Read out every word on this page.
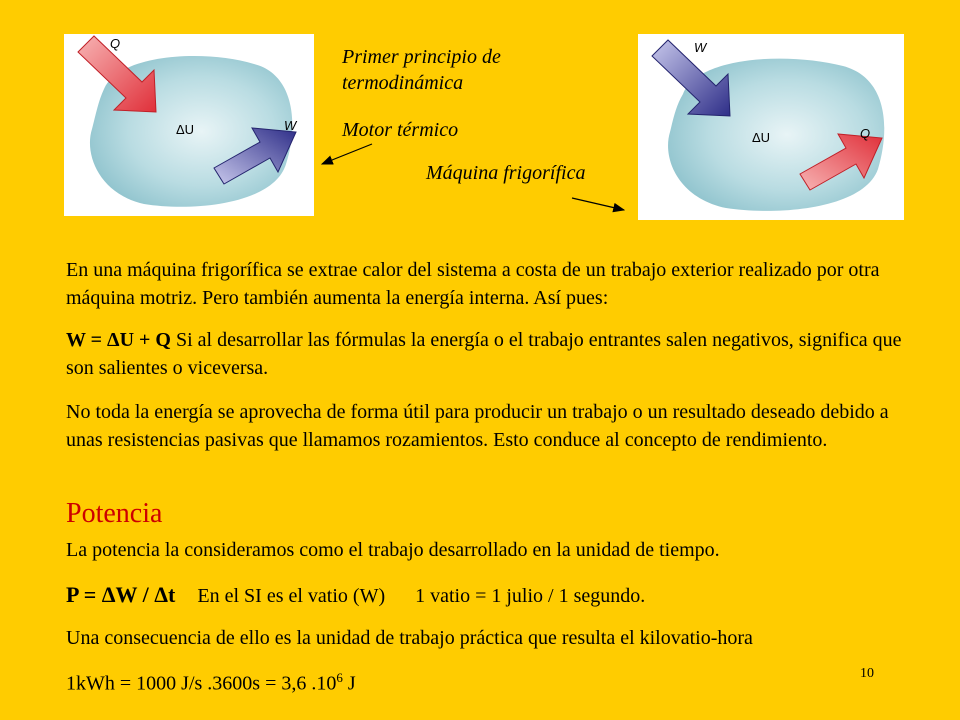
Q
ΔU	W
W
ΔU	Q
Primer principio de termodinámica
Motor térmico
Máquina frigorífica

En una máquina frigorífica se extrae calor del sistema a costa de un trabajo exterior realizado por otra máquina motriz. Pero también aumenta la energía interna. Así pues:

W = ΔU + Q Si al desarrollar las fórmulas la energía o el trabajo entrantes salen negativos, significa que son salientes o viceversa.

No toda la energía se aprovecha de forma útil para producir un trabajo o un resultado deseado debido a unas resistencias pasivas que llamamos rozamientos. Esto conduce al concepto de rendimiento.

Potencia

La potencia la consideramos como el trabajo desarrollado en la unidad de tiempo.

P = ΔW / Δt En el SI es el vatio (W) 1 vatio = 1 julio / 1 segundo.

Una consecuencia de ello es la unidad de trabajo práctica que resulta el kilovatio-hora

1kWh = 1000 J/s .3600s = 3,6 $.10^6$ J	10
